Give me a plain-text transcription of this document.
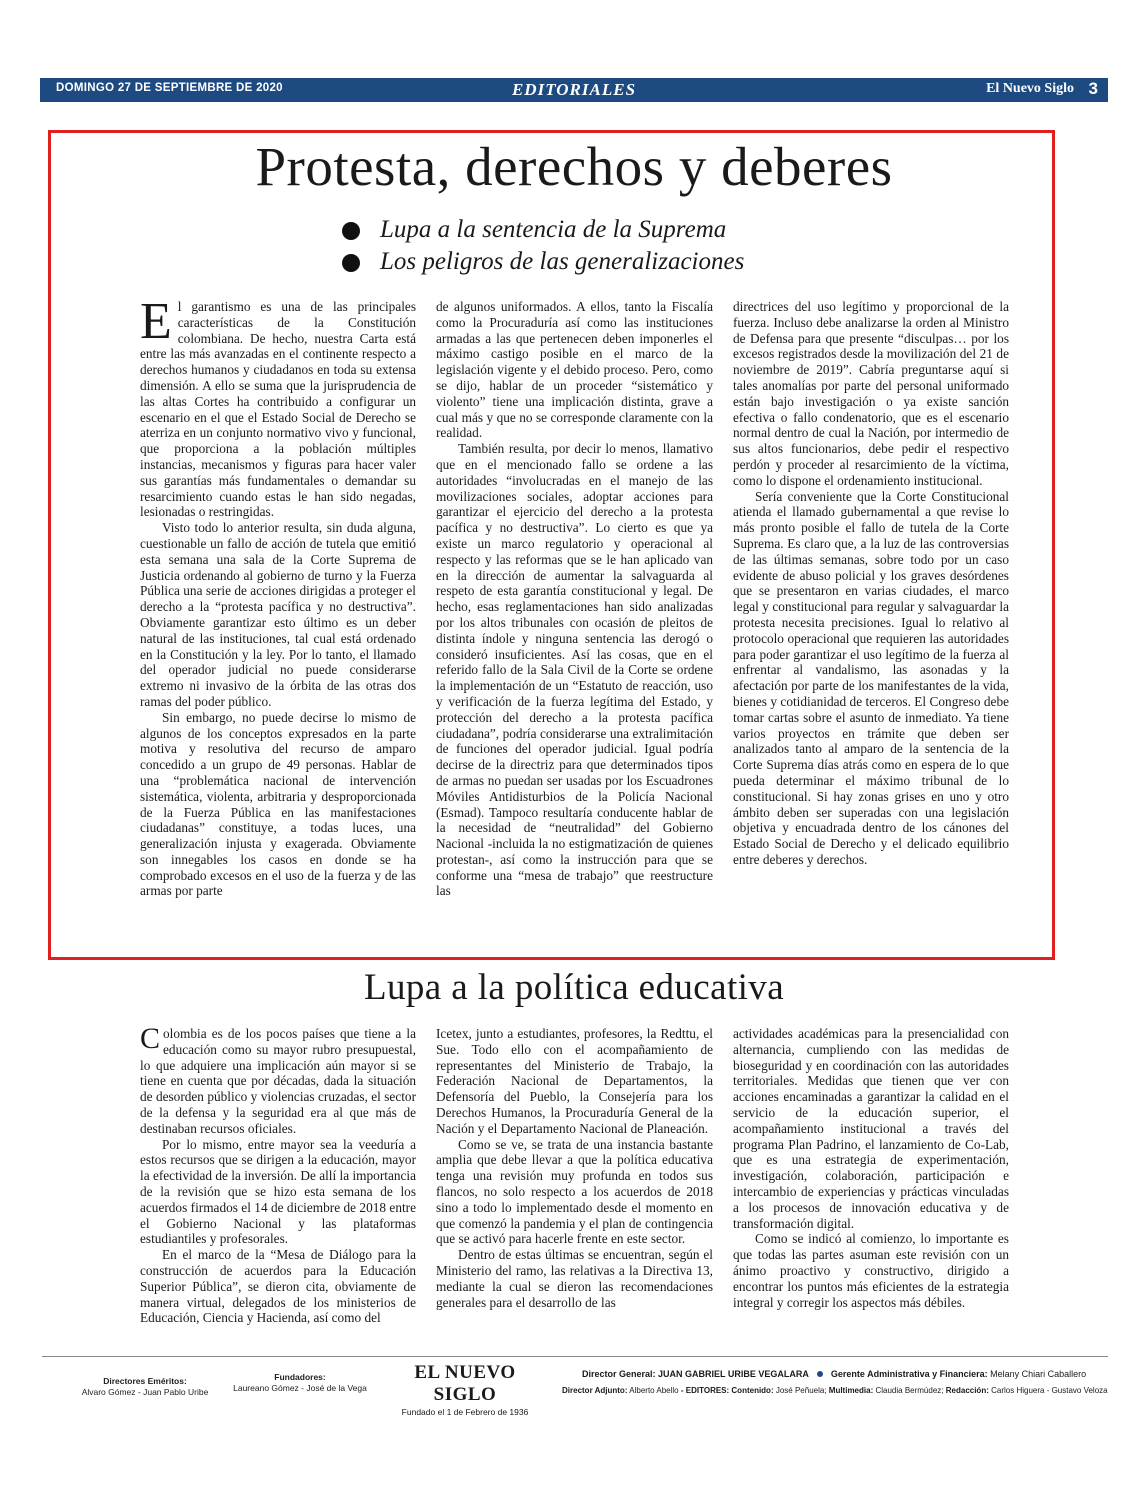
DOMINGO 27 DE SEPTIEMBRE DE 2020	EDITORIALES	El Nuevo Siglo 3
Protesta, derechos y deberes
Lupa a la sentencia de la Suprema
Los peligros de las generalizaciones

El garantismo es una de las principales características de la Constitución colombiana. De hecho, nuestra Carta está entre las más avanzadas en el continente respecto a derechos humanos y ciudadanos en toda su extensa dimensión. A ello se suma que la jurisprudencia de las altas Cortes ha contribuido a configurar un escenario en el que el Estado Social de Derecho se aterriza en un conjunto normativo vivo y funcional, que proporciona a la población múltiples instancias, mecanismos y figuras para hacer valer sus garantías más fundamentales o demandar su resarcimiento cuando estas le han sido negadas, lesionadas o restringidas.

Visto todo lo anterior resulta, sin duda alguna, cuestionable un fallo de acción de tutela que emitió esta semana una sala de la Corte Suprema de Justicia ordenando al gobierno de turno y la Fuerza Pública una serie de acciones dirigidas a proteger el derecho a la “protesta pacífica y no destructiva”. Obviamente garantizar esto último es un deber natural de las instituciones, tal cual está ordenado en la Constitución y la ley. Por lo tanto, el llamado del operador judicial no puede considerarse extremo ni invasivo de la órbita de las otras dos ramas del poder público.

Sin embargo, no puede decirse lo mismo de algunos de los conceptos expresados en la parte motiva y resolutiva del recurso de amparo concedido a un grupo de 49 personas. Hablar de una “problemática nacional de intervención sistemática, violenta, arbitraria y desproporcionada de la Fuerza Pública en las manifestaciones ciudadanas” constituye, a todas luces, una generalización injusta y exagerada. Obviamente son innegables los casos en donde se ha comprobado excesos en el uso de la fuerza y de las armas por parte

de algunos uniformados. A ellos, tanto la Fiscalía como la Procuraduría así como las instituciones armadas a las que pertenecen deben imponerles el máximo castigo posible en el marco de la legislación vigente y el debido proceso. Pero, como se dijo, hablar de un proceder “sistemático y violento” tiene una implicación distinta, grave a cual más y que no se corresponde claramente con la realidad.

También resulta, por decir lo menos, llamativo que en el mencionado fallo se ordene a las autoridades “involucradas en el manejo de las movilizaciones sociales, adoptar acciones para garantizar el ejercicio del derecho a la protesta pacífica y no destructiva”. Lo cierto es que ya existe un marco regulatorio y operacional al respecto y las reformas que se le han aplicado van en la dirección de aumentar la salvaguarda al respeto de esta garantía constitucional y legal. De hecho, esas reglamentaciones han sido analizadas por los altos tribunales con ocasión de pleitos de distinta índole y ninguna sentencia las derogó o consideró insuficientes. Así las cosas, que en el referido fallo de la Sala Civil de la Corte se ordene la implementación de un “Estatuto de reacción, uso y verificación de la fuerza legítima del Estado, y protección del derecho a la protesta pacífica ciudadana”, podría considerarse una extralimitación de funciones del operador judicial. Igual podría decirse de la directriz para que determinados tipos de armas no puedan ser usadas por los Escuadrones Móviles Antidisturbios de la Policía Nacional (Esmad). Tampoco resultaría conducente hablar de la necesidad de “neutralidad” del Gobierno Nacional -incluida la no estigmatización de quienes protestan-, así como la instrucción para que se conforme una “mesa de trabajo” que reestructure las

directrices del uso legítimo y proporcional de la fuerza. Incluso debe analizarse la orden al Ministro de Defensa para que presente “disculpas… por los excesos registrados desde la movilización del 21 de noviembre de 2019”. Cabría preguntarse aquí si tales anomalías por parte del personal uniformado están bajo investigación o ya existe sanción efectiva o fallo condenatorio, que es el escenario normal dentro de cual la Nación, por intermedio de sus altos funcionarios, debe pedir el respectivo perdón y proceder al resarcimiento de la víctima, como lo dispone el ordenamiento institucional.

Sería conveniente que la Corte Constitucional atienda el llamado gubernamental a que revise lo más pronto posible el fallo de tutela de la Corte Suprema. Es claro que, a la luz de las controversias de las últimas semanas, sobre todo por un caso evidente de abuso policial y los graves desórdenes que se presentaron en varias ciudades, el marco legal y constitucional para regular y salvaguardar la protesta necesita precisiones. Igual lo relativo al protocolo operacional que requieren las autoridades para poder garantizar el uso legítimo de la fuerza al enfrentar al vandalismo, las asonadas y la afectación por parte de los manifestantes de la vida, bienes y cotidianidad de terceros. El Congreso debe tomar cartas sobre el asunto de inmediato. Ya tiene varios proyectos en trámite que deben ser analizados tanto al amparo de la sentencia de la Corte Suprema días atrás como en espera de lo que pueda determinar el máximo tribunal de lo constitucional. Si hay zonas grises en uno y otro ámbito deben ser superadas con una legislación objetiva y encuadrada dentro de los cánones del Estado Social de Derecho y el delicado equilibrio entre deberes y derechos.

Lupa a la política educativa

Colombia es de los pocos países que tiene a la educación como su mayor rubro presupuestal, lo que adquiere una implicación aún mayor si se tiene en cuenta que por décadas, dada la situación de desorden público y violencias cruzadas, el sector de la defensa y la seguridad era al que más de destinaban recursos oficiales.

Por lo mismo, entre mayor sea la veeduría a estos recursos que se dirigen a la educación, mayor la efectividad de la inversión. De allí la importancia de la revisión que se hizo esta semana de los acuerdos firmados el 14 de diciembre de 2018 entre el Gobierno Nacional y las plataformas estudiantiles y profesorales.

En el marco de la “Mesa de Diálogo para la construcción de acuerdos para la Educación Superior Pública”, se dieron cita, obviamente de manera virtual, delegados de los ministerios de Educación, Ciencia y Hacienda, así como del

Icetex, junto a estudiantes, profesores, la Redttu, el Sue. Todo ello con el acompañamiento de representantes del Ministerio de Trabajo, la Federación Nacional de Departamentos, la Defensoría del Pueblo, la Consejería para los Derechos Humanos, la Procuraduría General de la Nación y el Departamento Nacional de Planeación.

Como se ve, se trata de una instancia bastante amplia que debe llevar a que la política educativa tenga una revisión muy profunda en todos sus flancos, no solo respecto a los acuerdos de 2018 sino a todo lo implementado desde el momento en que comenzó la pandemia y el plan de contingencia que se activó para hacerle frente en este sector.

Dentro de estas últimas se encuentran, según el Ministerio del ramo, las relativas a la Directiva 13, mediante la cual se dieron las recomendaciones generales para el desarrollo de las

actividades académicas para la presencialidad con alternancia, cumpliendo con las medidas de bioseguridad y en coordinación con las autoridades territoriales. Medidas que tienen que ver con acciones encaminadas a garantizar la calidad en el servicio de la educación superior, el acompañamiento institucional a través del programa Plan Padrino, el lanzamiento de Co-Lab, que es una estrategia de experimentación, investigación, colaboración, participación e intercambio de experiencias y prácticas vinculadas a los procesos de innovación educativa y de transformación digital.

Como se indicó al comienzo, lo importante es que todas las partes asuman este revisión con un ánimo proactivo y constructivo, dirigido a encontrar los puntos más eficientes de la estrategia integral y corregir los aspectos más débiles.

Directores Eméritos:
Alvaro Gómez - Juan Pablo Uribe
Fundadores:
Laureano Gómez - José de la Vega
EL NUEVO SIGLO
Fundado el 1 de Febrero de 1936
Director General: JUAN GABRIEL URIBE VEGALARA Gerente Administrativa y Financiera: Melany Chiari Caballero
Director Adjunto: Alberto Abello - EDITORES: Contenido: José Peñuela; Multimedia: Claudia Bermúdez; Redacción: Carlos Higuera - Gustavo Veloza
